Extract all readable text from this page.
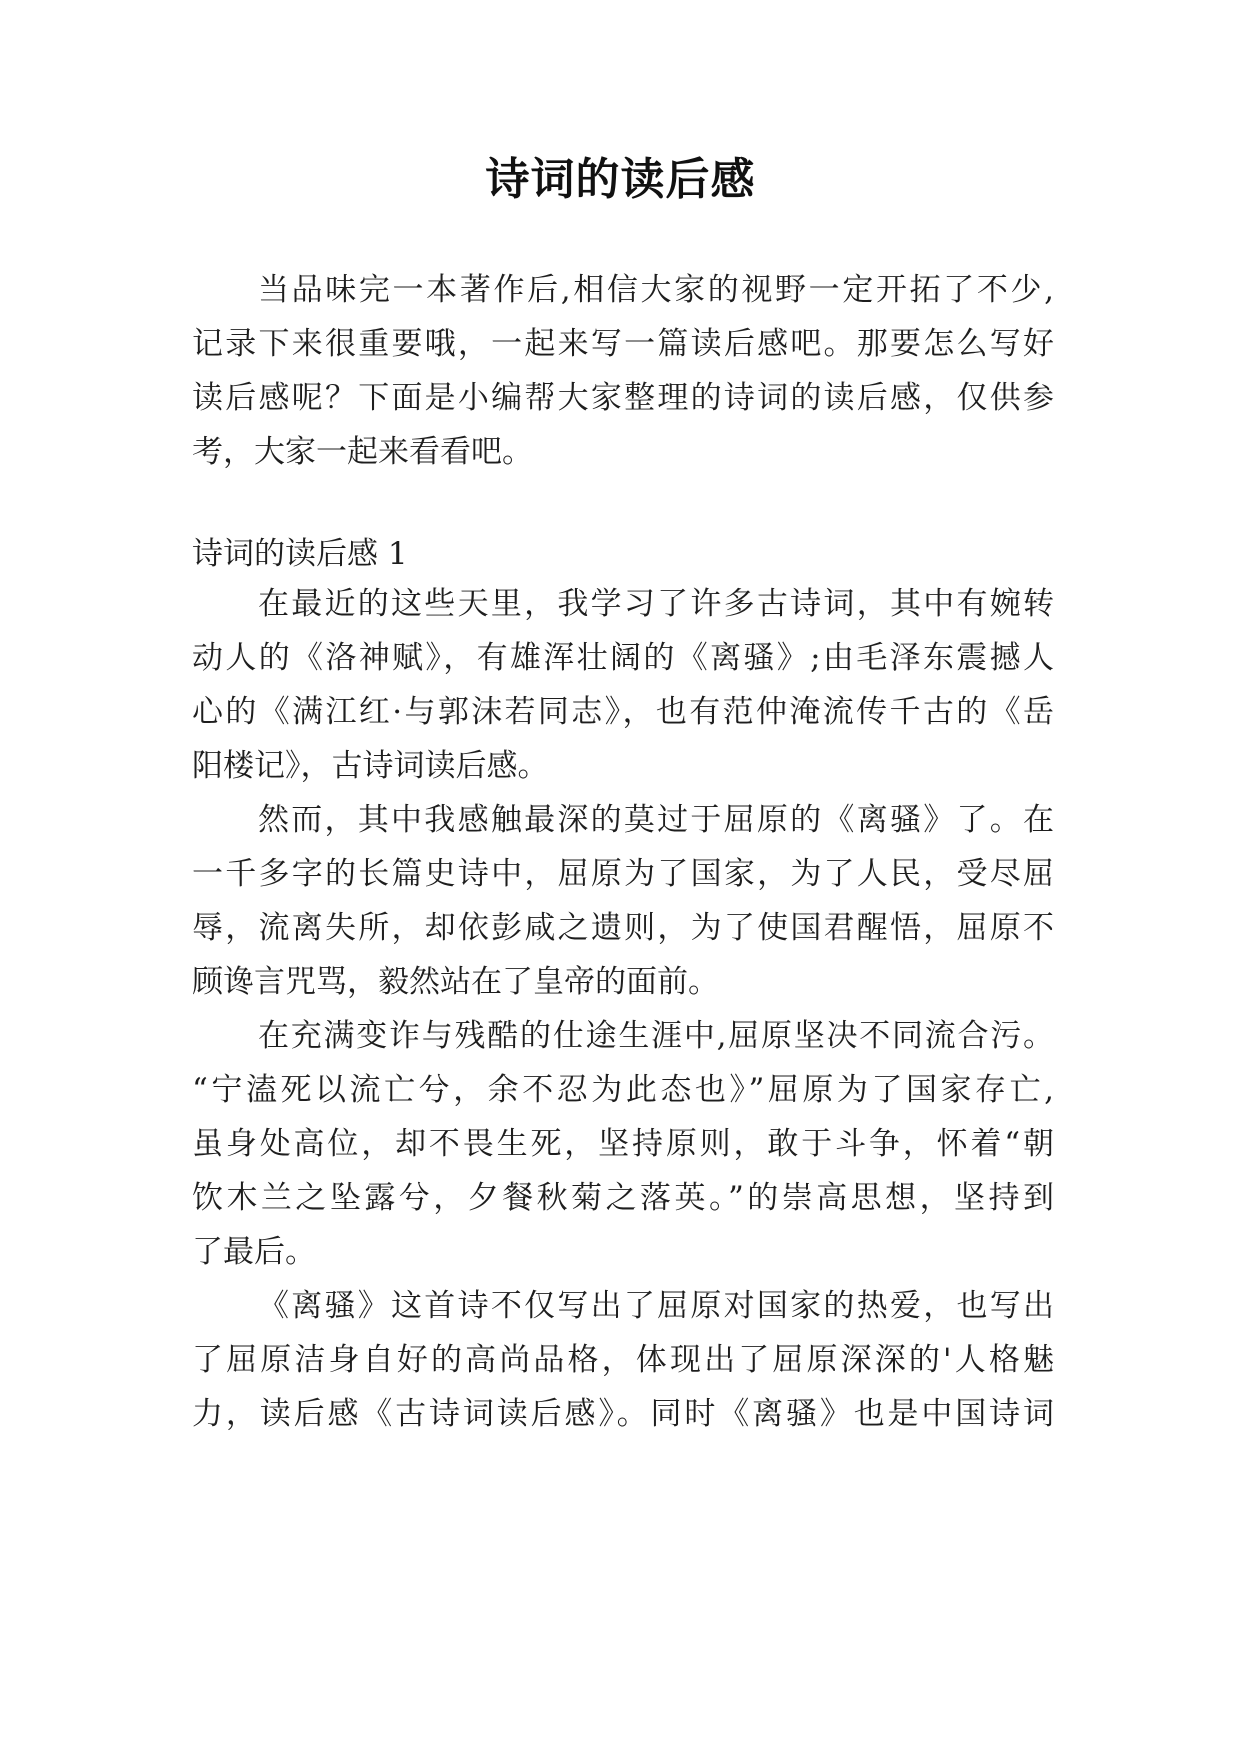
诗词的读后感

当品味完一本著作后,相信大家的视野一定开拓了不少,

记录下来很重要哦，一起来写一篇读后感吧。那要怎么写好

读后感呢？下面是小编帮大家整理的诗词的读后感，仅供参

考，大家一起来看看吧。

诗词的读后感 1

在最近的这些天里，我学习了许多古诗词，其中有婉转

动人的《洛神赋》，有雄浑壮阔的《离骚》;由毛泽东震撼人

心的《满江红·与郭沫若同志》，也有范仲淹流传千古的《岳

阳楼记》，古诗词读后感。

然而，其中我感触最深的莫过于屈原的《离骚》了。在

一千多字的长篇史诗中，屈原为了国家，为了人民，受尽屈

辱，流离失所，却依彭咸之遗则，为了使国君醒悟，屈原不

顾谗言咒骂，毅然站在了皇帝的面前。

在充满变诈与残酷的仕途生涯中,屈原坚决不同流合污。

“宁溘死以流亡兮，余不忍为此态也》”屈原为了国家存亡,

虽身处高位，却不畏生死，坚持原则，敢于斗争，怀着“朝

饮木兰之坠露兮，夕餐秋菊之落英。”的崇高思想，坚持到

了最后。

《离骚》这首诗不仅写出了屈原对国家的热爱，也写出

了屈原洁身自好的高尚品格，体现出了屈原深深的'人格魅

力，读后感《古诗词读后感》。同时《离骚》也是中国诗词
